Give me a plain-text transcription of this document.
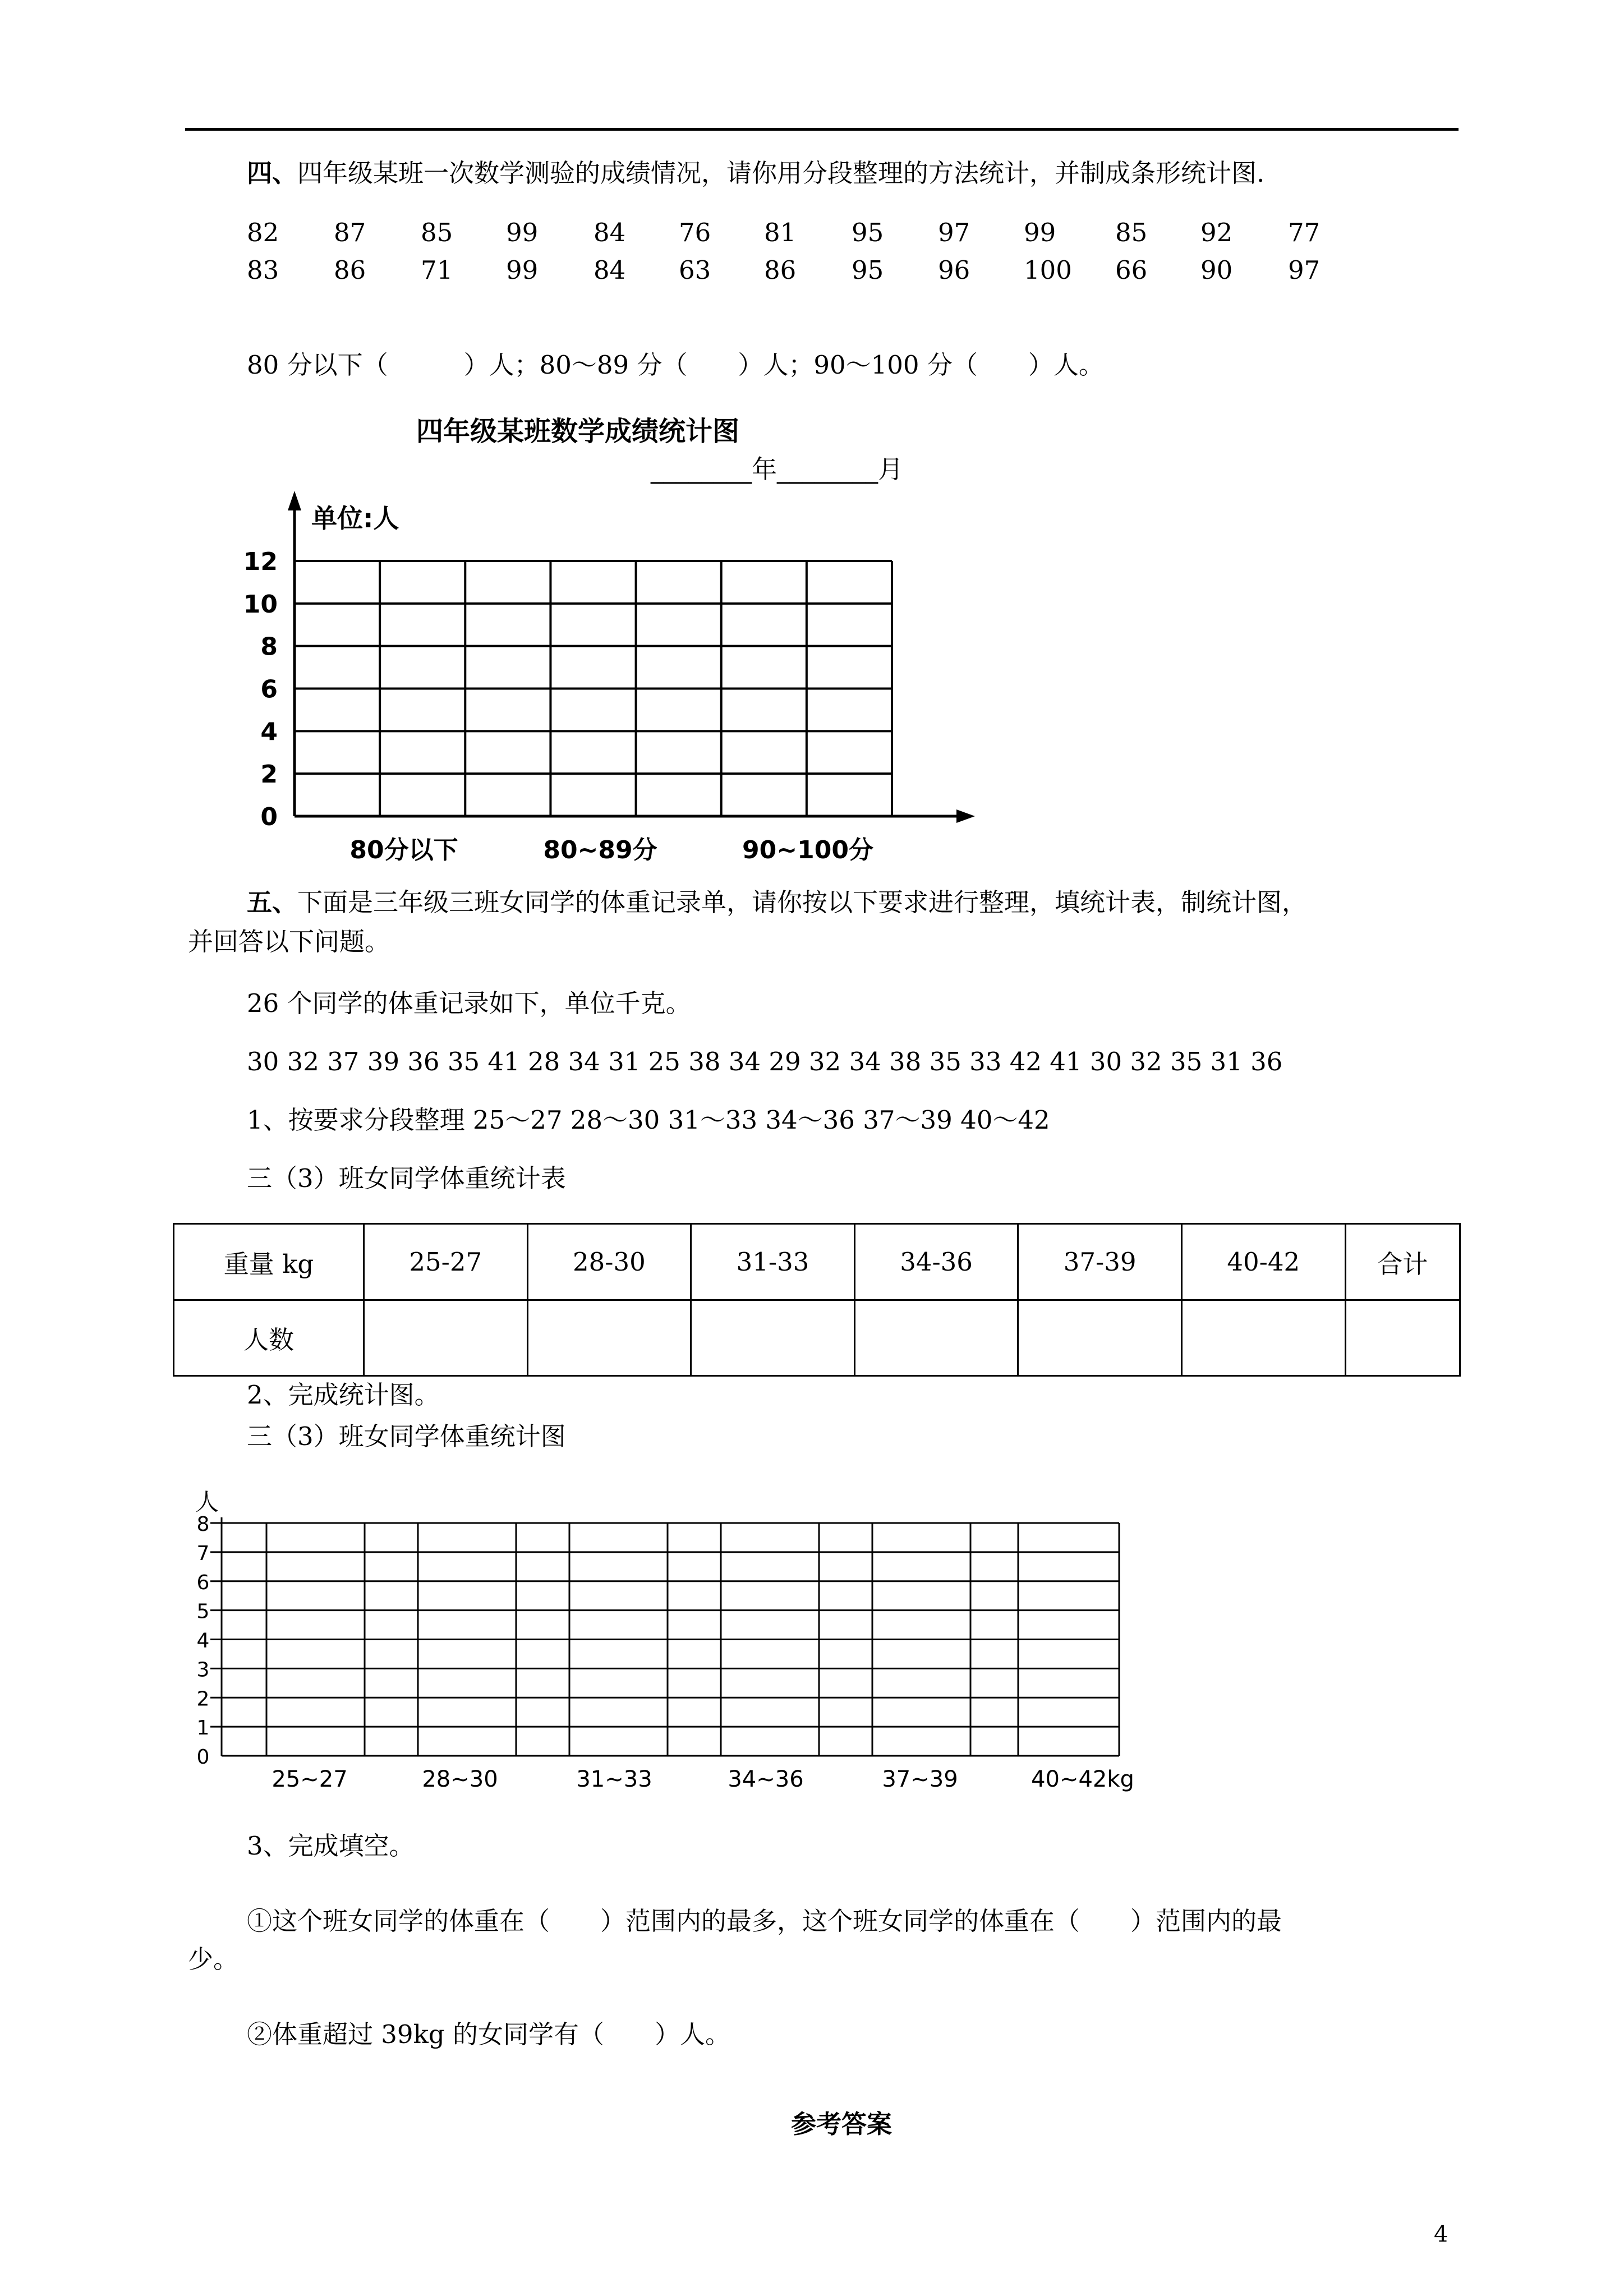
四、四年级某班一次数学测验的成绩情况，请你用分段整理的方法统计，并制成条形统计图.
82 87 85 99 84 76 81 95 97 99 85 92 77
83 86 71 99 84 63 86 95 96 100 66 90 97
80 分以下（　　　）人；80～89 分（　　）人；90～100 分（　　）人。
四年级某班数学成绩统计图
________年________月
0
2
4
6
8
10
12
80分以下	80~89分	90~100分
单位:人
五、下面是三年级三班女同学的体重记录单，请你按以下要求进行整理，填统计表，制统计图，
并回答以下问题。
26 个同学的体重记录如下，单位千克。
30 32 37 39 36 35 41 28 34 31 25 38 34 29 32 34 38 35 33 42 41 30 32 35 31 36
1、按要求分段整理 25～27 28～30 31～33 34～36 37～39 40～42
三（3）班女同学体重统计表
重量 kg	25-27	28-30	31-33	34-36	37-39	40-42	合计
人数							
2、完成统计图。
三（3）班女同学体重统计图
人
0
1
2
3
4
5
6
7
8
25~27	28~30	31~33	34~36	37~39	40~42kg
3、完成填空。
①这个班女同学的体重在（　　）范围内的最多，这个班女同学的体重在（　　）范围内的最
少。
②体重超过 39kg 的女同学有（　　）人。
参考答案
4
